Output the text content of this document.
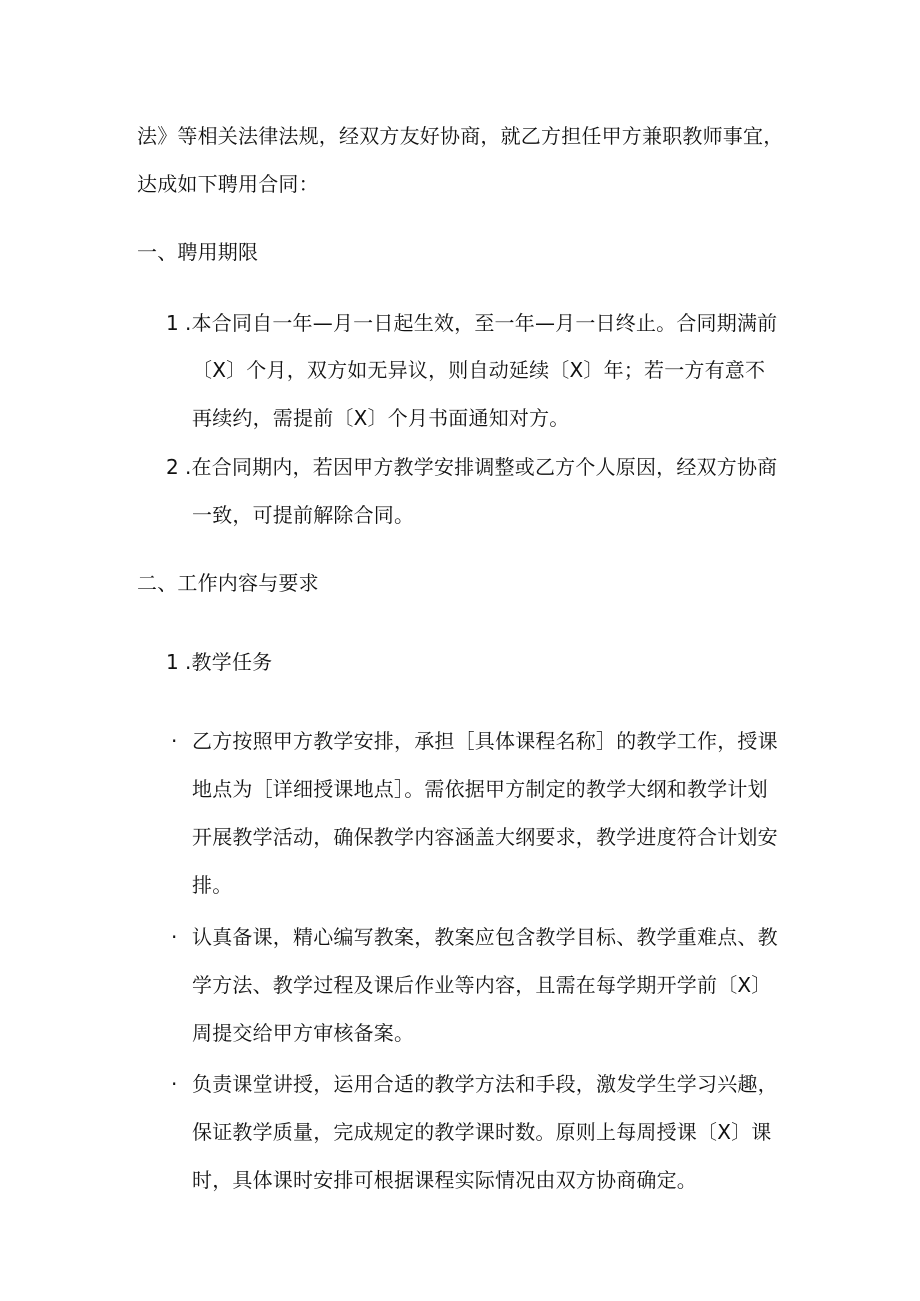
法》等相关法律法规，经双方友好协商，就乙方担任甲方兼职教师事宜，
达成如下聘用合同：
一、聘用期限
1 .本合同自一年—月一日起生效，至一年—月一日终止。合同期满前
〔X〕个月，双方如无异议，则自动延续〔X〕年；若一方有意不
再续约，需提前〔X〕个月书面通知对方。
2 .在合同期内，若因甲方教学安排调整或乙方个人原因，经双方协商
一致，可提前解除合同。
二、工作内容与要求
1 .教学任务
· 乙方按照甲方教学安排，承担［具体课程名称］的教学工作，授课
地点为［详细授课地点］。需依据甲方制定的教学大纲和教学计划
开展教学活动，确保教学内容涵盖大纲要求，教学进度符合计划安
排。
· 认真备课，精心编写教案，教案应包含教学目标、教学重难点、教
学方法、教学过程及课后作业等内容，且需在每学期开学前〔X〕
周提交给甲方审核备案。
· 负责课堂讲授，运用合适的教学方法和手段，激发学生学习兴趣，
保证教学质量，完成规定的教学课时数。原则上每周授课〔X〕课
时，具体课时安排可根据课程实际情况由双方协商确定。
